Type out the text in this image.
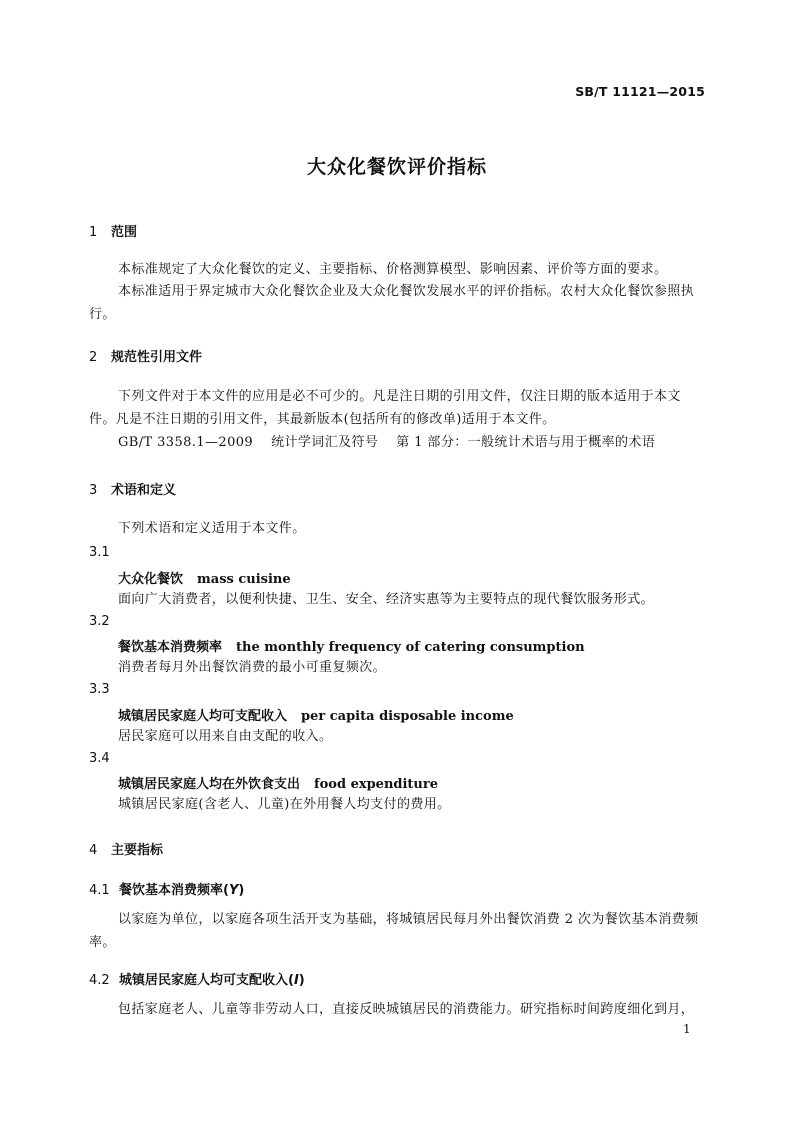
SB/T 11121—2015
大众化餐饮评价指标
1 范围
本标准规定了大众化餐饮的定义、主要指标、价格测算模型、影响因素、评价等方面的要求。
本标准适用于界定城市大众化餐饮企业及大众化餐饮发展水平的评价指标。农村大众化餐饮参照执行。
2 规范性引用文件
下列文件对于本文件的应用是必不可少的。凡是注日期的引用文件，仅注日期的版本适用于本文件。凡是不注日期的引用文件，其最新版本(包括所有的修改单)适用于本文件。
GB/T 3358.1—2009 统计学词汇及符号 第 1 部分：一般统计术语与用于概率的术语
3 术语和定义
下列术语和定义适用于本文件。
3.1
大众化餐饮 mass cuisine
面向广大消费者，以便利快捷、卫生、安全、经济实惠等为主要特点的现代餐饮服务形式。
3.2
餐饮基本消费频率 the monthly frequency of catering consumption
消费者每月外出餐饮消费的最小可重复频次。
3.3
城镇居民家庭人均可支配收入 per capita disposable income
居民家庭可以用来自由支配的收入。
3.4
城镇居民家庭人均在外饮食支出 food expenditure
城镇居民家庭(含老人、儿童)在外用餐人均支付的费用。
4 主要指标
4.1 餐饮基本消费频率(Y)
以家庭为单位，以家庭各项生活开支为基础，将城镇居民每月外出餐饮消费 2 次为餐饮基本消费频率。
4.2 城镇居民家庭人均可支配收入(I)
包括家庭老人、儿童等非劳动人口，直接反映城镇居民的消费能力。研究指标时间跨度细化到月，
1
